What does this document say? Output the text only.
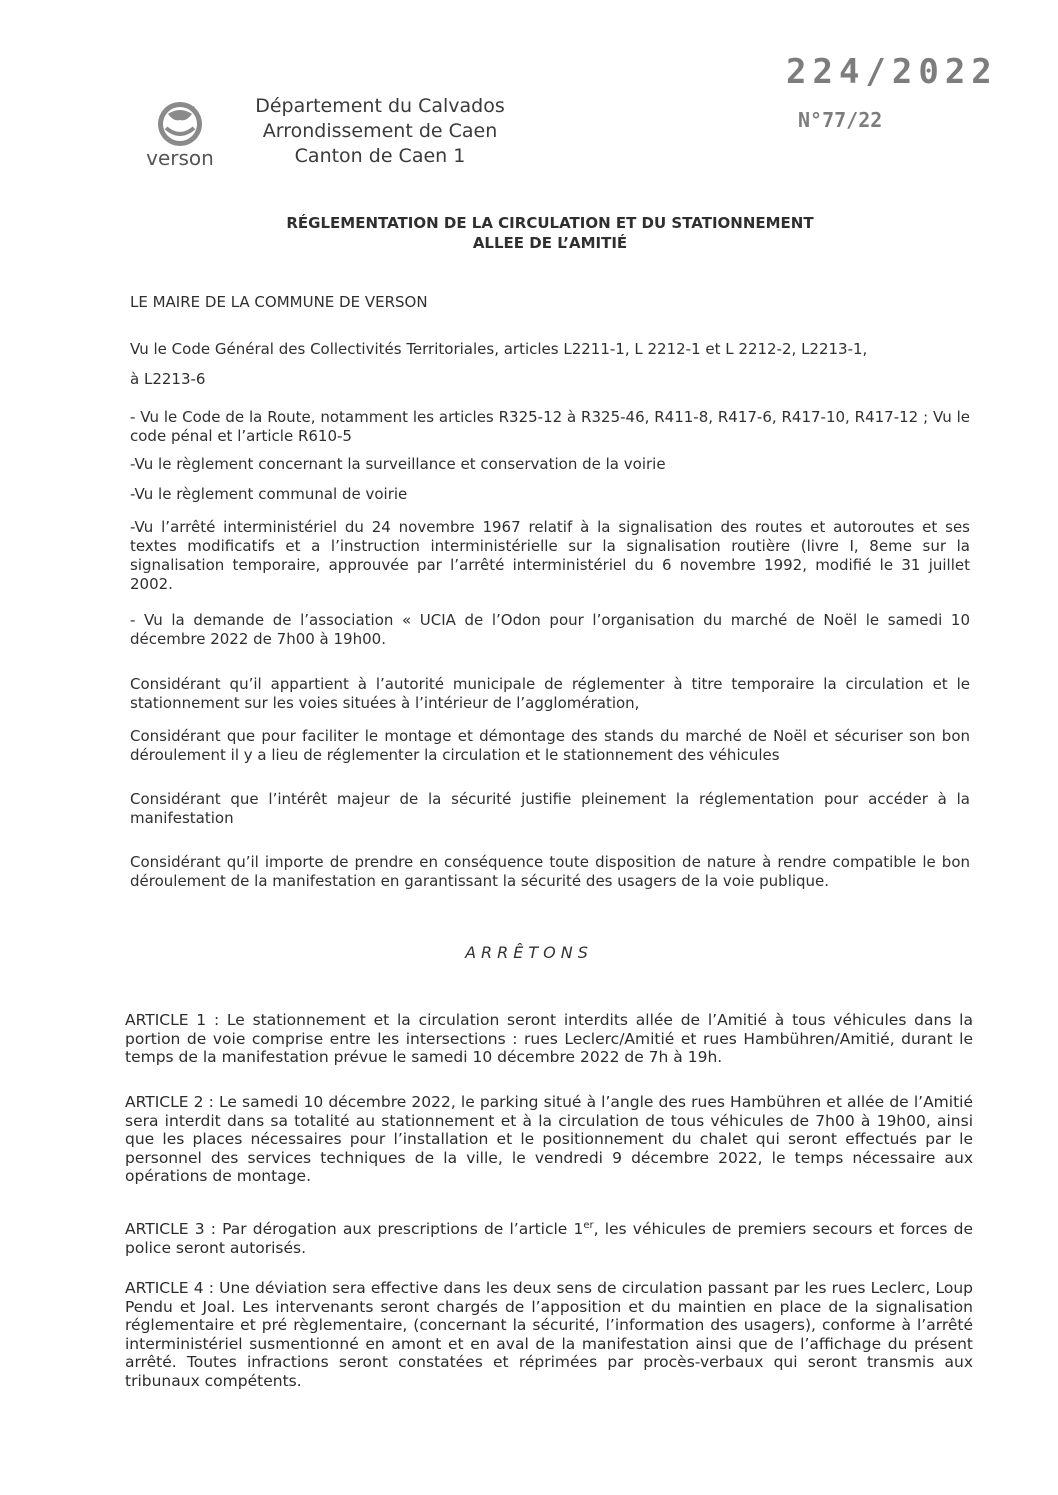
224/2022
N°77/22
verson
Département du Calvados
Arrondissement de Caen
Canton de Caen 1
RÉGLEMENTATION DE LA CIRCULATION ET DU STATIONNEMENT
ALLEE DE L’AMITIÉ
LE MAIRE DE LA COMMUNE DE VERSON
Vu le Code Général des Collectivités Territoriales, articles L2211-1, L 2212-1 et L 2212-2, L2213-1,
à L2213-6
- Vu le Code de la Route, notamment les articles R325-12 à R325-46, R411-8, R417-6, R417-10, R417-12 ; Vu le code pénal et l’article R610-5
-Vu le règlement concernant la surveillance et conservation de la voirie
-Vu le règlement communal de voirie
-Vu l’arrêté interministériel du 24 novembre 1967 relatif à la signalisation des routes et autoroutes et ses textes modificatifs et a l’instruction interministérielle sur la signalisation routière (livre I, 8eme sur la signalisation temporaire, approuvée par l’arrêté interministériel du 6 novembre 1992, modifié le 31 juillet 2002.
- Vu la demande de l’association « UCIA de l’Odon pour l’organisation du marché de Noël le samedi 10 décembre 2022 de 7h00 à 19h00.
Considérant qu’il appartient à l’autorité municipale de réglementer à titre temporaire la circulation et le stationnement sur les voies situées à l’intérieur de l’agglomération,
Considérant que pour faciliter le montage et démontage des stands du marché de Noël et sécuriser son bon déroulement il y a lieu de réglementer la circulation et le stationnement des véhicules
Considérant que l’intérêt majeur de la sécurité justifie pleinement la réglementation pour accéder à la manifestation
Considérant qu’il importe de prendre en conséquence toute disposition de nature à rendre compatible le bon déroulement de la manifestation en garantissant la sécurité des usagers de la voie publique.
ARRÊTONS
ARTICLE 1 : Le stationnement et la circulation seront interdits allée de l’Amitié à tous véhicules dans la portion de voie comprise entre les intersections : rues Leclerc/Amitié et rues Hambühren/Amitié, durant le temps de la manifestation prévue le samedi 10 décembre 2022 de 7h à 19h.
ARTICLE 2 : Le samedi 10 décembre 2022, le parking situé à l’angle des rues Hambühren et allée de l’Amitié sera interdit dans sa totalité au stationnement et à la circulation de tous véhicules de 7h00 à 19h00, ainsi que les places nécessaires pour l’installation et le positionnement du chalet qui seront effectués par le personnel des services techniques de la ville, le vendredi 9 décembre 2022, le temps nécessaire aux opérations de montage.
ARTICLE 3 : Par dérogation aux prescriptions de l’article 1er, les véhicules de premiers secours et forces de police seront autorisés.
ARTICLE 4 : Une déviation sera effective dans les deux sens de circulation passant par les rues Leclerc, Loup Pendu et Joal. Les intervenants seront chargés de l’apposition et du maintien en place de la signalisation réglementaire et pré règlementaire, (concernant la sécurité, l’information des usagers), conforme à l’arrêté interministériel susmentionné en amont et en aval de la manifestation ainsi que de l’affichage du présent arrêté. Toutes infractions seront constatées et réprimées par procès-verbaux qui seront transmis aux tribunaux compétents.
